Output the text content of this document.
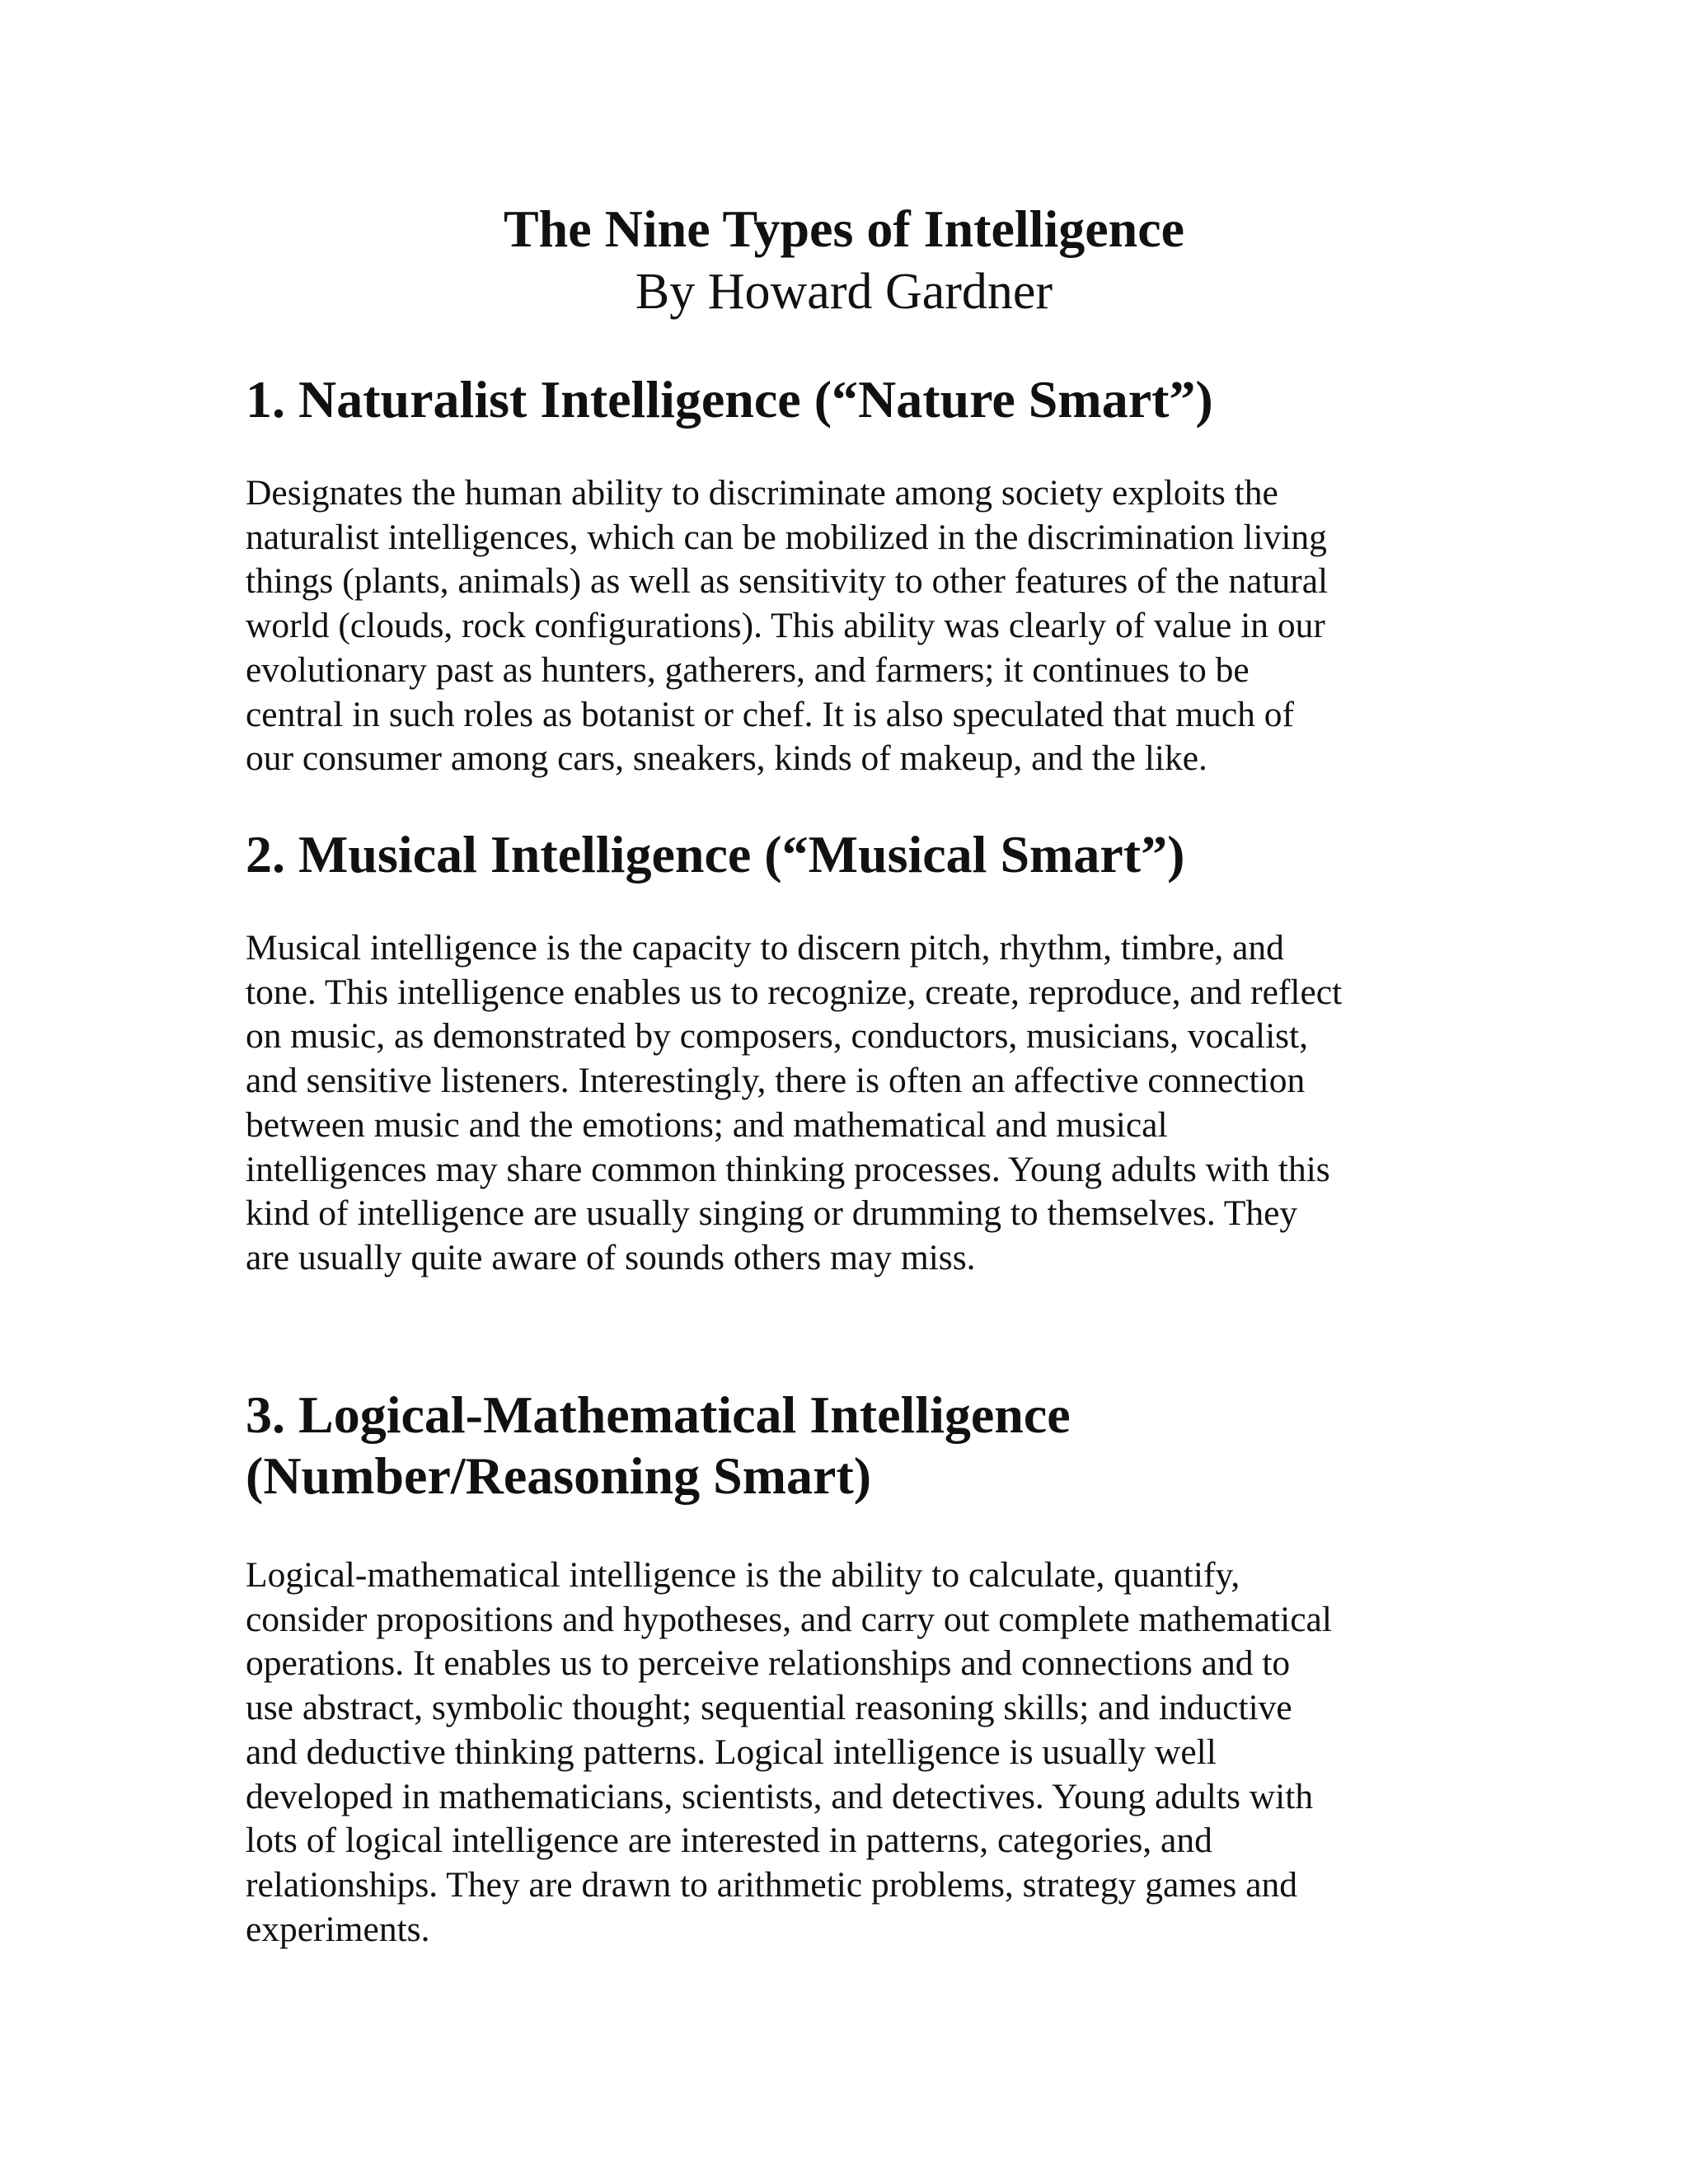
The Nine Types of Intelligence
By Howard Gardner
1. Naturalist Intelligence (“Nature Smart”)
Designates the human ability to discriminate among society exploits the
naturalist intelligences, which can be mobilized in the discrimination living
things (plants, animals) as well as sensitivity to other features of the natural
world (clouds, rock configurations). This ability was clearly of value in our
evolutionary past as hunters, gatherers, and farmers; it continues to be
central in such roles as botanist or chef. It is also speculated that much of
our consumer among cars, sneakers, kinds of makeup, and the like.
2. Musical Intelligence (“Musical Smart”)
Musical intelligence is the capacity to discern pitch, rhythm, timbre, and
tone. This intelligence enables us to recognize, create, reproduce, and reflect
on music, as demonstrated by composers, conductors, musicians, vocalist,
and sensitive listeners. Interestingly, there is often an affective connection
between music and the emotions; and mathematical and musical
intelligences may share common thinking processes. Young adults with this
kind of intelligence are usually singing or drumming to themselves. They
are usually quite aware of sounds others may miss.
3. Logical-Mathematical Intelligence
(Number/Reasoning Smart)
Logical-mathematical intelligence is the ability to calculate, quantify,
consider propositions and hypotheses, and carry out complete mathematical
operations. It enables us to perceive relationships and connections and to
use abstract, symbolic thought; sequential reasoning skills; and inductive
and deductive thinking patterns. Logical intelligence is usually well
developed in mathematicians, scientists, and detectives. Young adults with
lots of logical intelligence are interested in patterns, categories, and
relationships. They are drawn to arithmetic problems, strategy games and
experiments.
